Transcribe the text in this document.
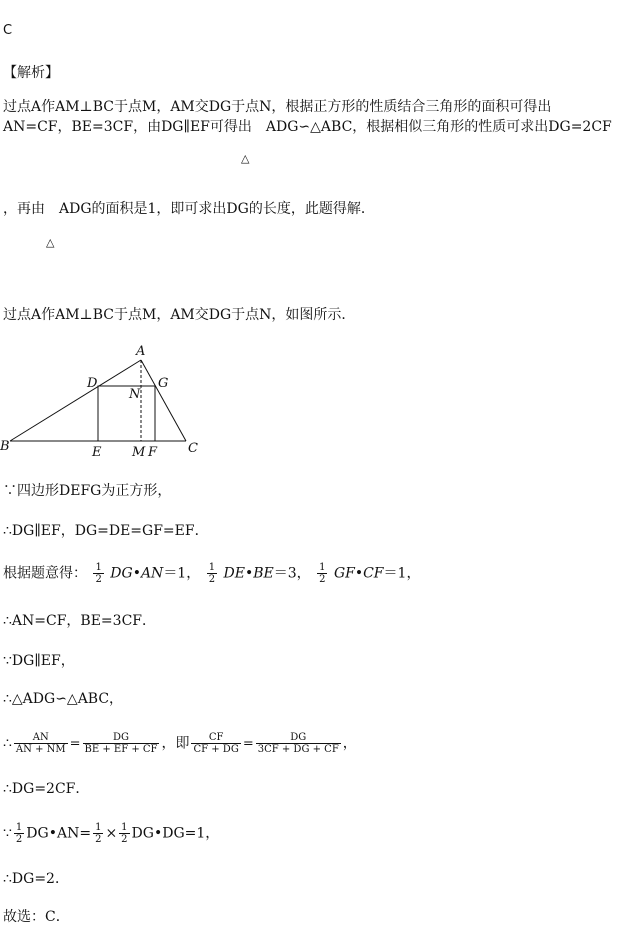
C
【解析】
过点A作AM⊥BC于点M，AM交DG于点N，根据正方形的性质结合三角形的面积可得出
AN=CF，BE=3CF，由DG∥EF可得出　ADG∽△ABC，根据相似三角形的性质可求出DG=2CF
△
，再由　ADG的面积是1，即可求出DG的长度，此题得解．
△
过点A作AM⊥BC于点M，AM交DG于点N，如图所示．
A
D	G
N
B	E M F C
∵四边形DEFG为正方形，
∴DG∥EF，DG=DE=GF=EF．
根据题意得： $\frac{1}{2}$ DG•AN＝1， $\frac{1}{2}$ DE•BE＝3， $\frac{1}{2}$ GF•CF＝1，
∴AN=CF，BE=3CF．
∵DG∥EF，
∴△ADG∽△ABC，
∴ $\frac{AN}{AN + NM} = \frac{DG}{BE + EF + CF}$ ，即 $\frac{CF}{CF + DG} = \frac{DG}{3CF + DG + CF}$ ，
∴DG=2CF．
∵ $\frac{1}{2}$ DG•AN= $\frac{1}{2} \times \frac{1}{2}$ DG•DG=1，
∴DG=2．
故选：C．
